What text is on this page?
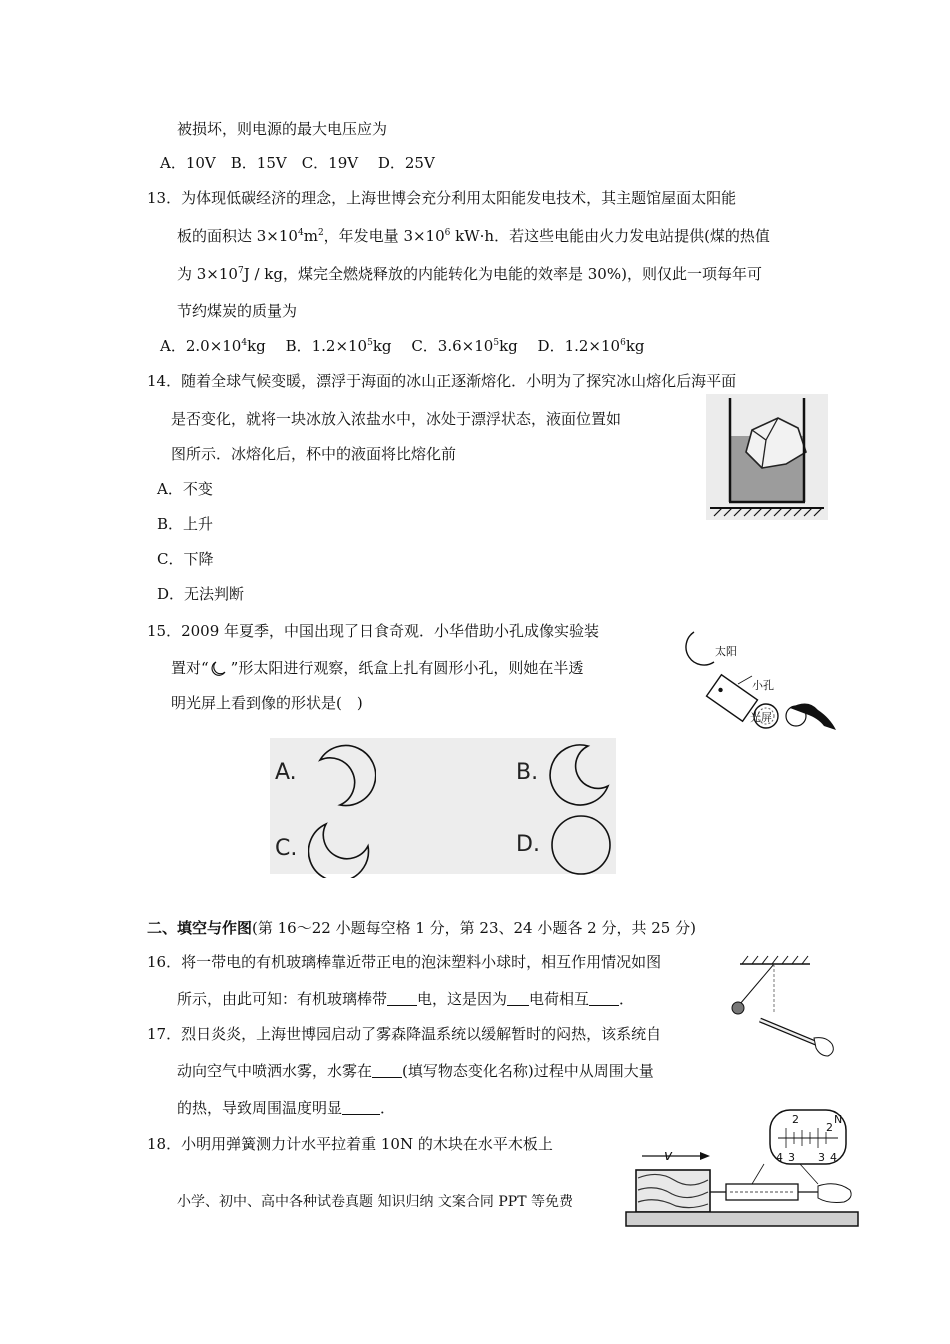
被损坏，则电源的最大电压应为
A．10V　B．15V　C．19V　 D．25V
13．为体现低碳经济的理念，上海世博会充分利用太阳能发电技术，其主题馆屋面太阳能
板的面积达 $3\times 10^4m^2$，年发电量 $3\times 10^6$ kW·h．若这些电能由火力发电站提供(煤的热值
为 $3\times 10^7J$ / kg，煤完全燃烧释放的内能转化为电能的效率是 30%)，则仅此一项每年可
节约煤炭的质量为
A．$2.0\times 10^4kg$　 B．$1.2\times 10^5kg$　 C．$3.6\times 10^5kg$　 D．$1.2\times 10^6kg$
14．随着全球气候变暖，漂浮于海面的冰山正逐渐熔化．小明为了探究冰山熔化后海平面
是否变化，就将一块冰放入浓盐水中，冰处于漂浮状态，液面位置如
图所示．冰熔化后，杯中的液面将比熔化前
A．不变
B．上升
C．下降
D．无法判断
15．2009 年夏季，中国出现了日食奇观．小华借助小孔成像实验装
置对“ ”形太阳进行观察，纸盒上扎有圆形小孔，则她在半透
明光屏上看到像的形状是(　)
太阳
小孔
光屏
A.	B.
C.	D.
二、填空与作图(第 16～22 小题每空格 1 分，第 23、24 小题各 2 分，共 25 分)
16．将一带电的有机玻璃棒靠近带正电的泡沫塑料小球时，相互作用情况如图
所示，由此可知：有机玻璃棒带 电，这是因为 电荷相互 ．
17．烈日炎炎，上海世博园启动了雾森降温系统以缓解暂时的闷热，该系统自
动向空气中喷洒水雾，水雾在 (填写物态变化名称)过程中从周围大量
的热，导致周围温度明显	．
18．小明用弹簧测力计水平拉着重 10N 的木块在水平木板上
v
2	N
2
4 3 3 4
小学、初中、高中各种试卷真题 知识归纳 文案合同 PPT 等免费
